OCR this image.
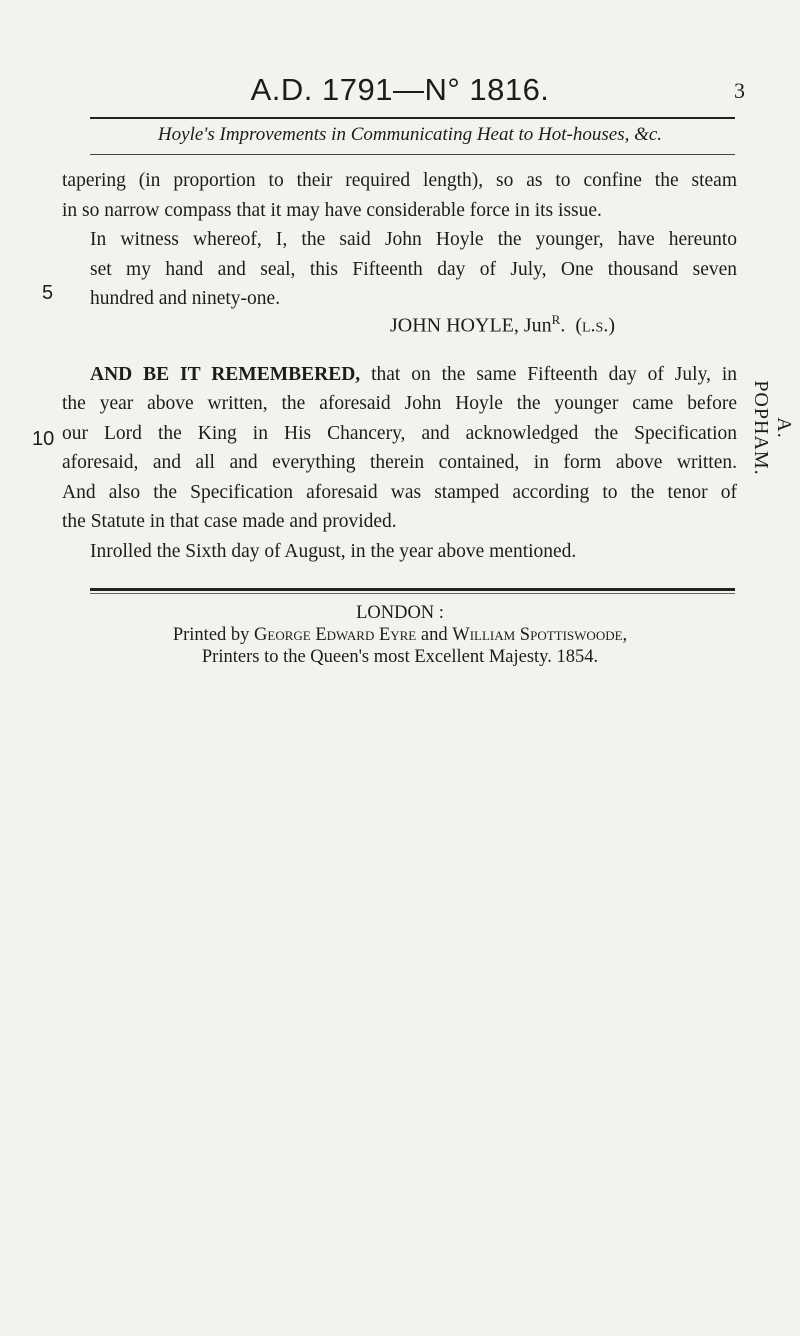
A.D. 1791—N° 1816.	3
Hoyle's Improvements in Communicating Heat to Hot-houses, &c.
5
10

tapering (in proportion to their required length), so as to confine the steam
in so narrow compass that it may have considerable force in its issue.

In witness whereof, I, the said John Hoyle the younger, have hereunto
set my hand and seal, this Fifteenth day of July, One thousand seven
hundred and ninety-one.

AND BE IT REMEMBERED, that on the same Fifteenth day of July, in
the year above written, the aforesaid John Hoyle the younger came before
our Lord the King in His Chancery, and acknowledged the Specification
aforesaid, and all and everything therein contained, in form above written.
And also the Specification aforesaid was stamped according to the tenor of
the Statute in that case made and provided.

Inrolled the Sixth day of August, in the year above mentioned.

JOHN HOYLE, Jun$^R$.  (l.s.)
LONDON :
Printed by George Edward Eyre and William Spottiswoode,
Printers to the Queen's most Excellent Majesty. 1854.
A. POPHAM.
